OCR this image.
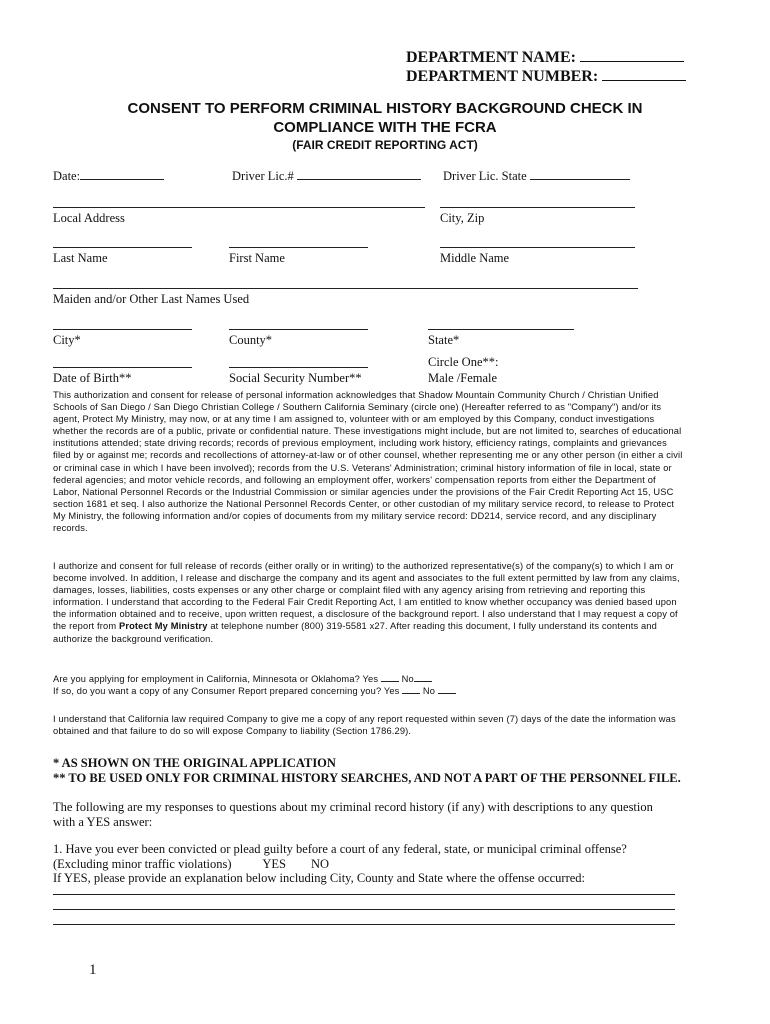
DEPARTMENT NAME:
DEPARTMENT NUMBER:
CONSENT TO PERFORM CRIMINAL HISTORY BACKGROUND CHECK IN
COMPLIANCE WITH THE FCRA
(FAIR CREDIT REPORTING ACT)
Date:	Driver Lic.#	Driver Lic. State
Local Address	City, Zip
Last Name	First Name	Middle Name
Maiden and/or Other Last Names Used
City*	County*	State*
Circle One**:
Date of Birth**	Social Security Number**	Male /Female
This authorization and consent for release of personal information acknowledges that Shadow Mountain Community Church / Christian Unified Schools of San Diego / San Diego Christian College / Southern California Seminary (circle one) (Hereafter referred to as "Company") and/or its agent, Protect My Ministry, may now, or at any time I am assigned to, volunteer with or am employed by this Company, conduct investigations whether the records are of a public, private or confidential nature. These investigations might include, but are not limited to, searches of educational institutions attended; state driving records; records of previous employment, including work history, efficiency ratings, complaints and grievances filed by or against me; records and recollections of attorney-at-law or of other counsel, whether representing me or any other person (in either a civil or criminal case in which I have been involved); records from the U.S. Veterans' Administration; criminal history information of file in local, state or federal agencies; and motor vehicle records, and following an employment offer, workers' compensation reports from either the Department of Labor, National Personnel Records or the Industrial Commission or similar agencies under the provisions of the Fair Credit Reporting Act 15, USC section 1681 et seq. I also authorize the National Personnel Records Center, or other custodian of my military service record, to release to Protect My Ministry, the following information and/or copies of documents from my military service record: DD214, service record, and any disciplinary records.
I authorize and consent for full release of records (either orally or in writing) to the authorized representative(s) of the company(s) to which I am or become involved. In addition, I release and discharge the company and its agent and associates to the full extent permitted by law from any claims, damages, losses, liabilities, costs expenses or any other charge or complaint filed with any agency arising from retrieving and reporting this information. I understand that according to the Federal Fair Credit Reporting Act, I am entitled to know whether occupancy was denied based upon the information obtained and to receive, upon written request, a disclosure of the background report. I also understand that I may request a copy of the report from Protect My Ministry at telephone number (800) 319-5581 x27. After reading this document, I fully understand its contents and authorize the background verification.
Are you applying for employment in California, Minnesota or Oklahoma? Yes	No
If so, do you want a copy of any Consumer Report prepared concerning you? Yes	No
I understand that California law required Company to give me a copy of any report requested within seven (7) days of the date the information was obtained and that failure to do so will expose Company to liability (Section 1786.29).
* AS SHOWN ON THE ORIGINAL APPLICATION
** TO BE USED ONLY FOR CRIMINAL HISTORY SEARCHES, AND NOT A PART OF THE PERSONNEL FILE.
The following are my responses to questions about my criminal record history (if any) with descriptions to any question with a YES answer:
1. Have you ever been convicted or plead guilty before a court of any federal, state, or municipal criminal offense? (Excluding minor traffic violations) YES NO
If YES, please provide an explanation below including City, County and State where the offense occurred:
1
